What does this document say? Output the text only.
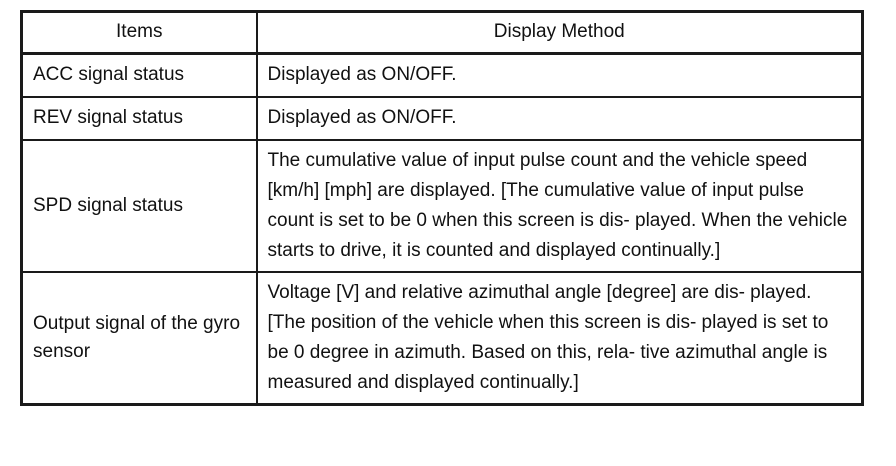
Items	Display Method
ACC signal status	Displayed as ON/OFF.
REV signal status	Displayed as ON/OFF.
SPD signal status	The cumulative value of input pulse count and the vehicle speed [km/h] [mph] are displayed. [The cumulative value of input pulse count is set to be 0 when this screen is dis- played. When the vehicle starts to drive, it is counted and displayed continually.]
Output signal of the gyro sensor	Voltage [V] and relative azimuthal angle [degree] are dis- played. [The position of the vehicle when this screen is dis- played is set to be 0 degree in azimuth. Based on this, rela- tive azimuthal angle is measured and displayed continually.]
